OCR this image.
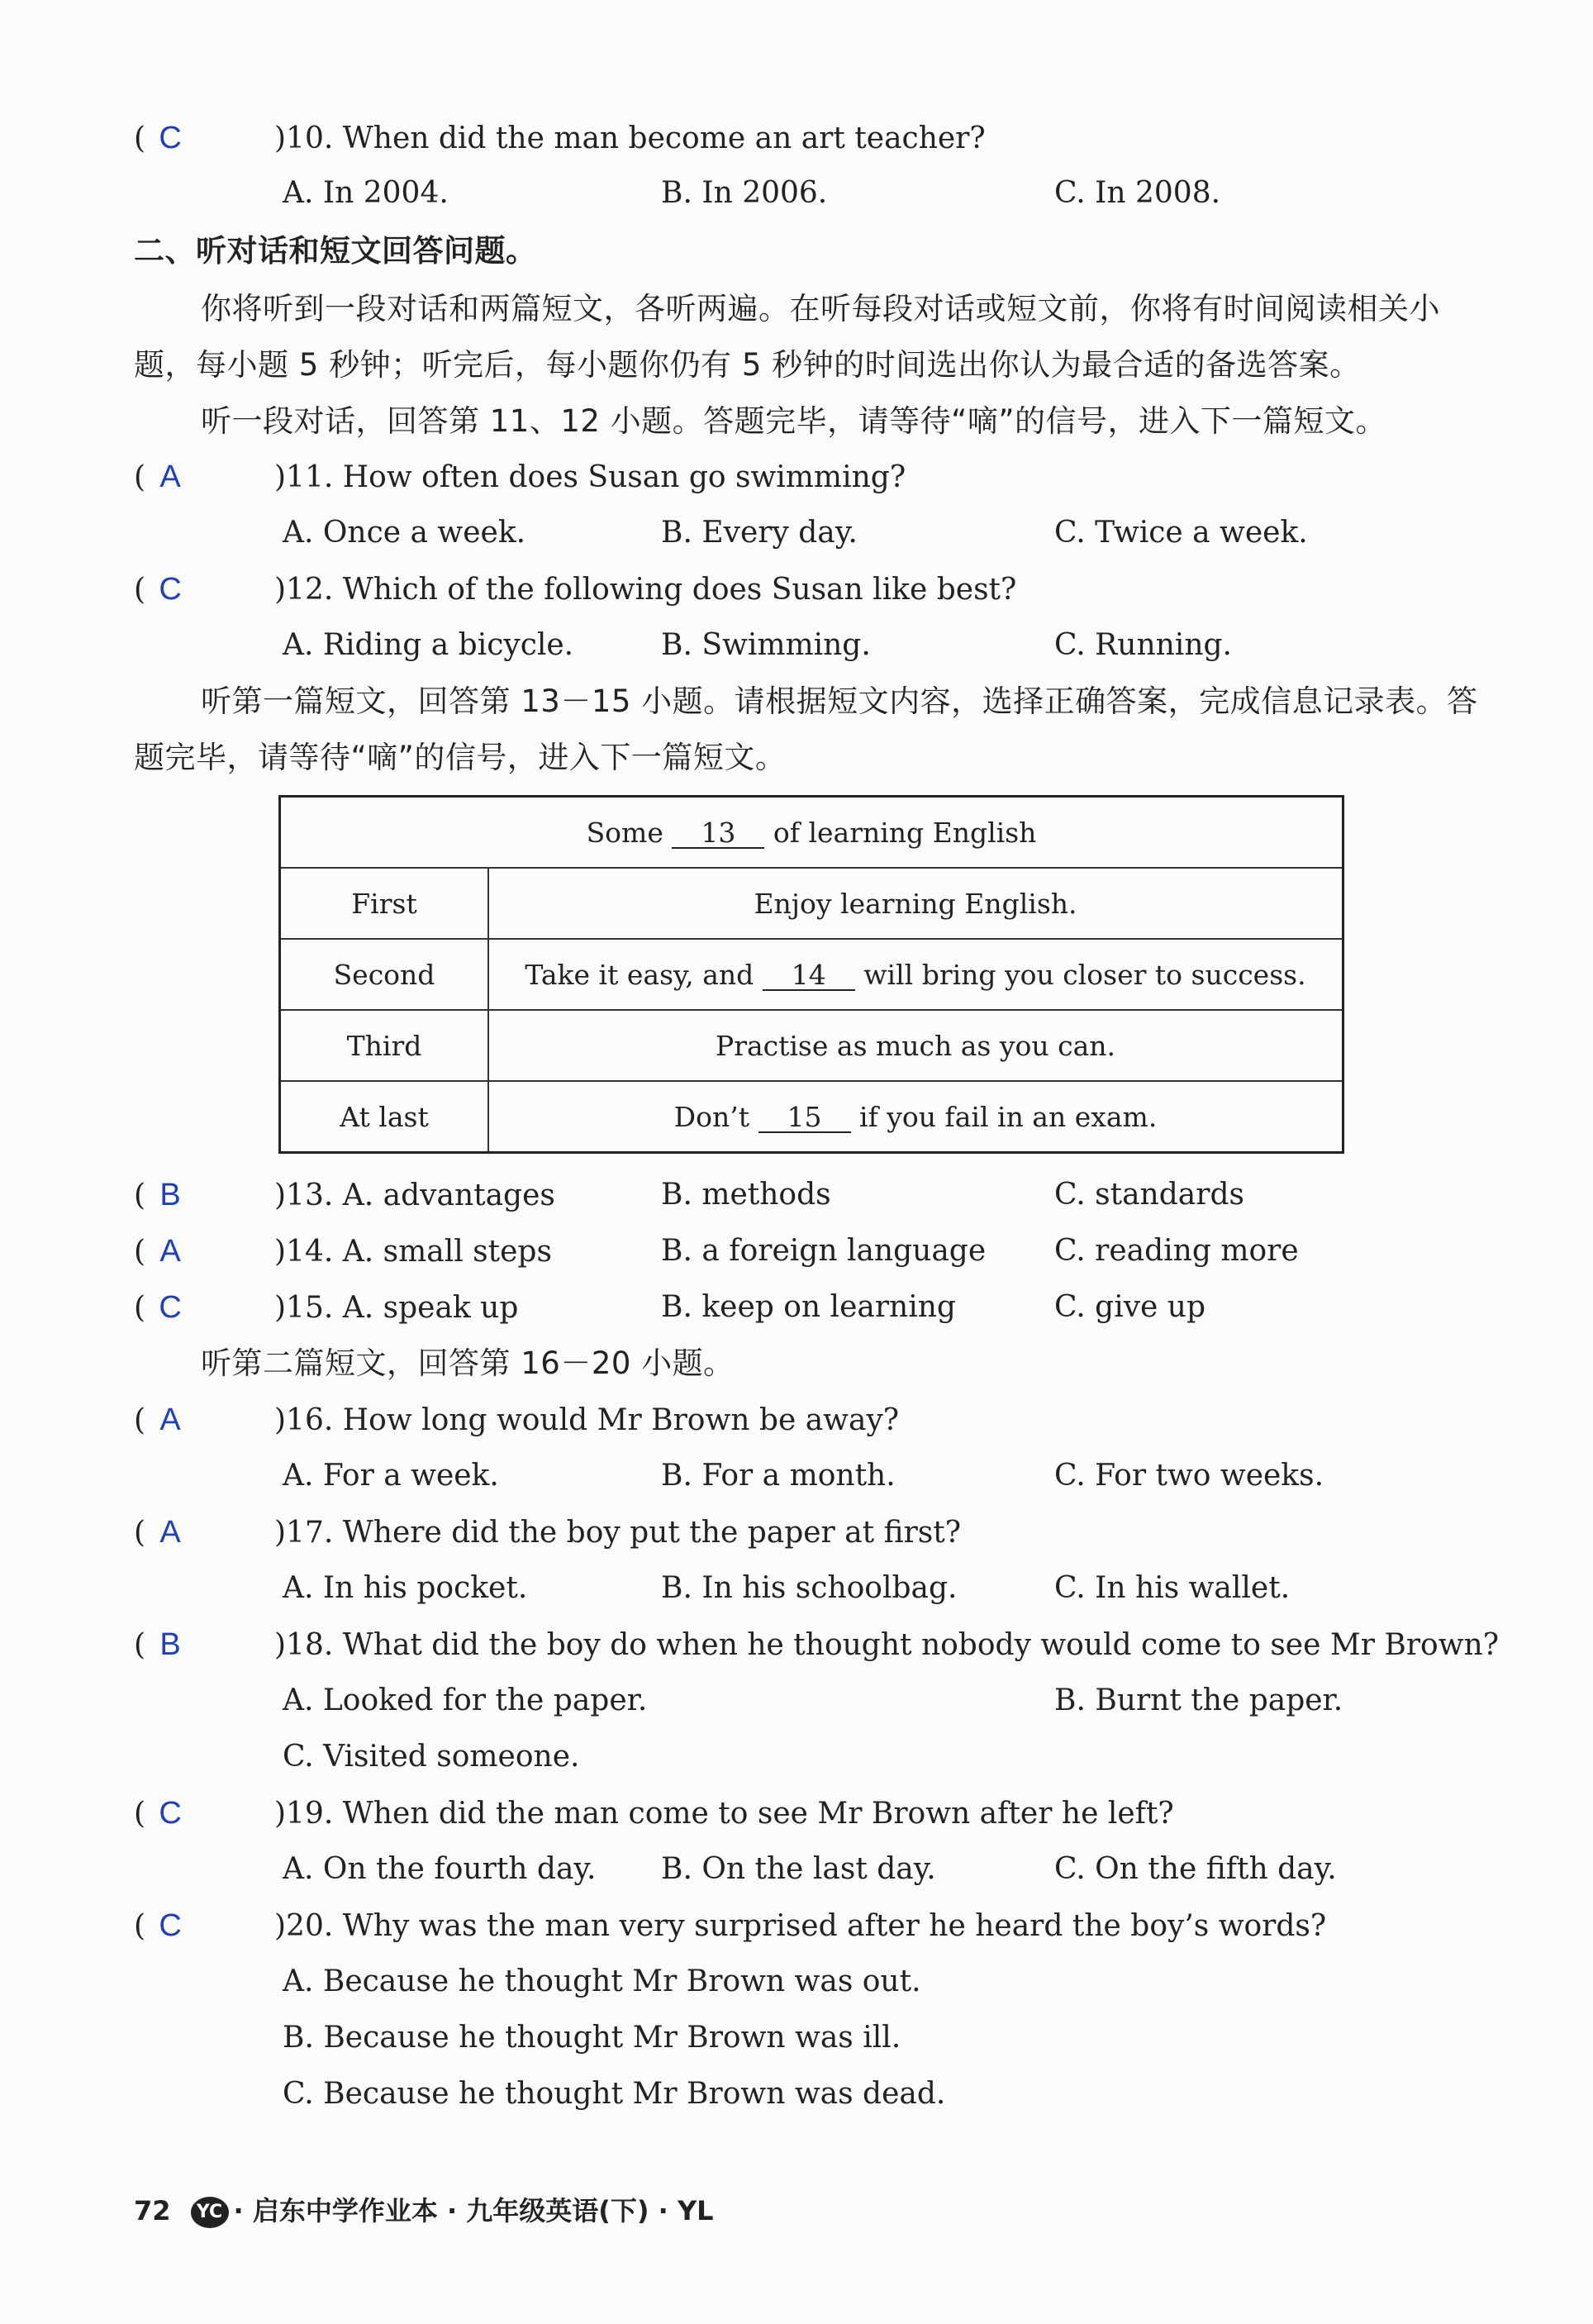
( C	)10. When did the man become an art teacher?
A. In 2004.	B. In 2006.	C. In 2008.
二、听对话和短文回答问题。
你将听到一段对话和两篇短文，各听两遍。在听每段对话或短文前，你将有时间阅读相关小
题，每小题 5 秒钟；听完后，每小题你仍有 5 秒钟的时间选出你认为最合适的备选答案。
听一段对话，回答第 11、12 小题。答题完毕，请等待“嘀”的信号，进入下一篇短文。
( A	)11. How often does Susan go swimming?
A. Once a week.	B. Every day.	C. Twice a week.
( C	)12. Which of the following does Susan like best?
A. Riding a bicycle.	B. Swimming.	C. Running.
听第一篇短文，回答第 13－15 小题。请根据短文内容，选择正确答案，完成信息记录表。答
题完毕，请等待“嘀”的信号，进入下一篇短文。
Some 13 of learning English	
First	Enjoy learning English.
Second	Take it easy, and 14 will bring you closer to success.
Third	Practise as much as you can.
At last	Don’t 15 if you fail in an exam.
( B	)13. A. advantages	B. methods	C. standards
( A	)14. A. small steps	B. a foreign language C. reading more
( C	)15. A. speak up	B. keep on learning	C. give up
听第二篇短文，回答第 16－20 小题。
( A	)16. How long would Mr Brown be away?
A. For a week.	B. For a month.	C. For two weeks.
( A	)17. Where did the boy put the paper at first?
A. In his pocket.	B. In his schoolbag.	C. In his wallet.
( B	)18. What did the boy do when he thought nobody would come to see Mr Brown?
A. Looked for the paper.	B. Burnt the paper.
C. Visited someone.
( C	)19. When did the man come to see Mr Brown after he left?
A. On the fourth day. B. On the last day.	C. On the fifth day.
( C	)20. Why was the man very surprised after he heard the boy’s words?
A. Because he thought Mr Brown was out.
B. Because he thought Mr Brown was ill.
C. Because he thought Mr Brown was dead.
72 YC · 启东中学作业本 · 九年级英语(下) · YL
